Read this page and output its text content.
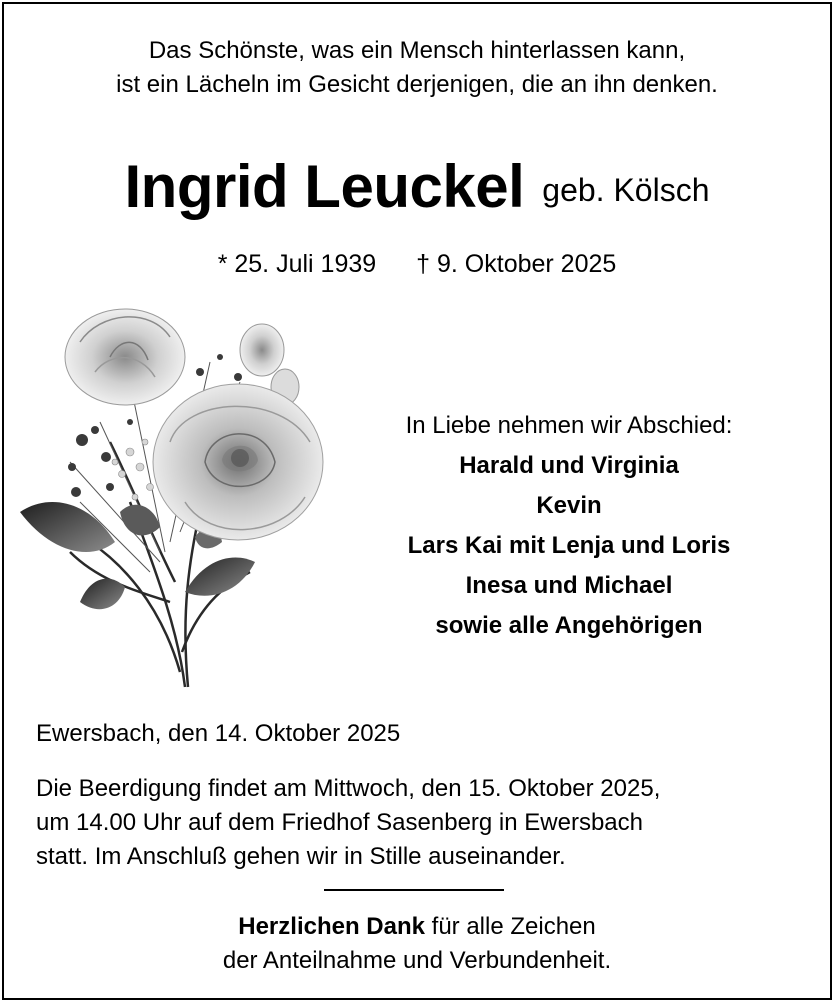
Das Schönste, was ein Mensch hinterlassen kann,
ist ein Lächeln im Gesicht derjenigen, die an ihn denken.
Ingrid Leuckel geb. Kölsch
* 25. Juli 1939 † 9. Oktober 2025
In Liebe nehmen wir Abschied:
Harald und Virginia
Kevin
Lars Kai mit Lenja und Loris
Inesa und Michael
sowie alle Angehörigen
Ewersbach, den 14. Oktober 2025
Die Beerdigung findet am Mittwoch, den 15. Oktober 2025,
um 14.00 Uhr auf dem Friedhof Sasenberg in Ewersbach
statt. Im Anschluß gehen wir in Stille auseinander.
Herzlichen Dank für alle Zeichen
der Anteilnahme und Verbundenheit.
